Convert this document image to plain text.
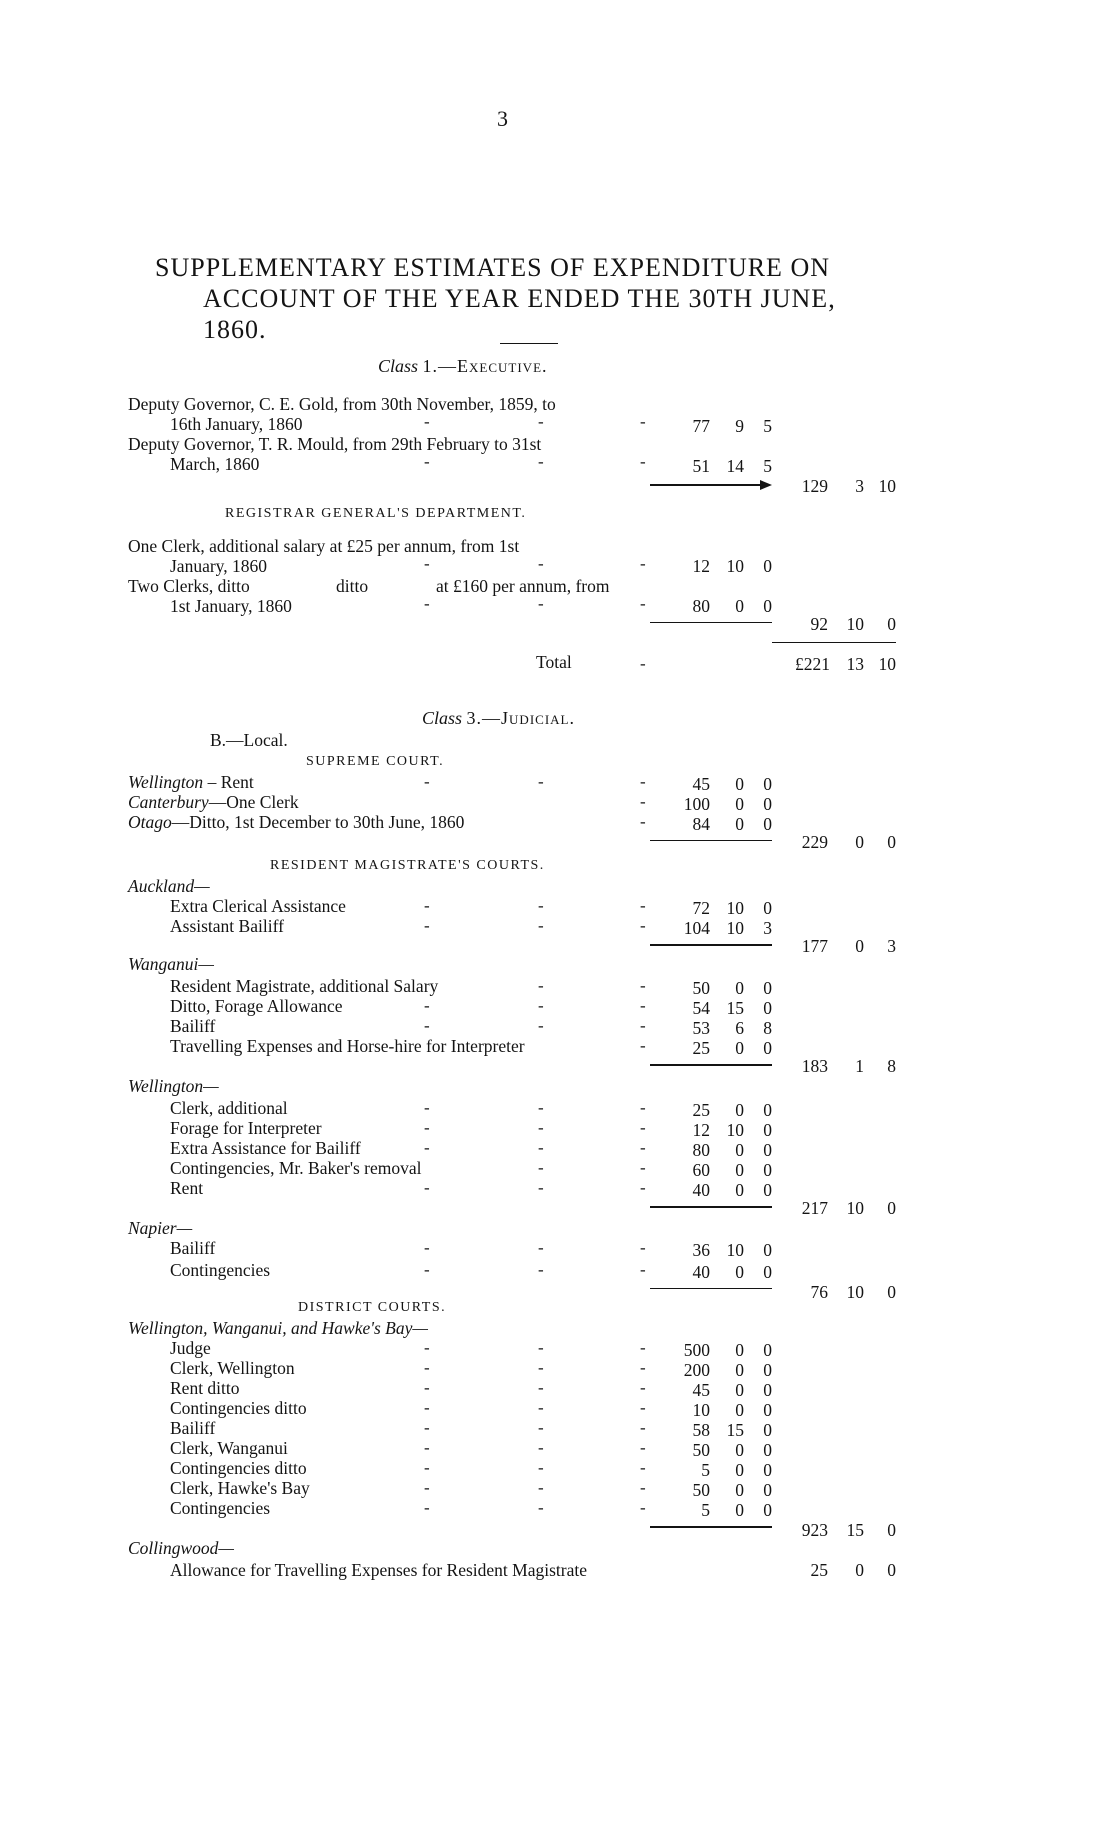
3
SUPPLEMENTARY ESTIMATES OF EXPENDITURE ON
ACCOUNT OF THE YEAR ENDED THE 30TH JUNE,
1860.
Class 1.—Executive.
Deputy Governor, C. E. Gold, from 30th November, 1859, to
16th January, 1860	-	-	-	77	9	5
Deputy Governor, T. R. Mould, from 29th February to 31st
March, 1860	-	-	-	51 14	5
129	3 10
REGISTRAR GENERAL'S DEPARTMENT.
One Clerk, additional salary at £25 per annum, from 1st
January, 1860	-	-	-	12 10	0
Two Clerks, ditto	ditto	at £160 per annum, from
1st January, 1860	-	-	-	80	0	0
92	10	0
Total	-	£221 13 10
Class 3.—Judicial.
B.—Local.
SUPREME COURT.
Wellington – Rent	-	-	-	45	0	0
Canterbury—One Clerk	-	100	0	0
Otago—Ditto, 1st December to 30th June, 1860	-	84	0	0
229	0	0
RESIDENT MAGISTRATE'S COURTS.
Auckland—
Extra Clerical Assistance	-	-	-	72 10	0
Assistant Bailiff	-	-	-	104 10	3
177	0	3
Wanganui—
Resident Magistrate, additional Salary	-	-	50	0	0
Ditto, Forage Allowance	-	-	-	54 15	0
Bailiff	-	-	-	53	6	8
Travelling Expenses and Horse-hire for Interpreter	-	25	0	0
183	1	8
Wellington—
Clerk, additional	-	-	-	25	0	0
Forage for Interpreter	-	-	-	12 10	0
Extra Assistance for Bailiff	-	-	-	80	0	0
Contingencies, Mr. Baker's removal	-	-	60	0	0
Rent	-	-	-	40	0	0
217	10	0
Napier—
Bailiff	-	-	-	36 10	0
Contingencies	-	-	-	40	0	0
76	10	0
DISTRICT COURTS.
Wellington, Wanganui, and Hawke's Bay—
Judge	-	-	-	500	0	0
Clerk, Wellington	-	-	-	200	0	0
Rent ditto	-	-	-	45	0	0
Contingencies ditto	-	-	-	10	0	0
Bailiff	-	-	-	58 15	0
Clerk, Wanganui	-	-	-	50	0	0
Contingencies ditto	-	-	-	5	0	0
Clerk, Hawke's Bay	-	-	-	50	0	0
Contingencies	-	-	-	5	0	0
923	15	0
Collingwood—
Allowance for Travelling Expenses for Resident Magistrate	25	0	0
